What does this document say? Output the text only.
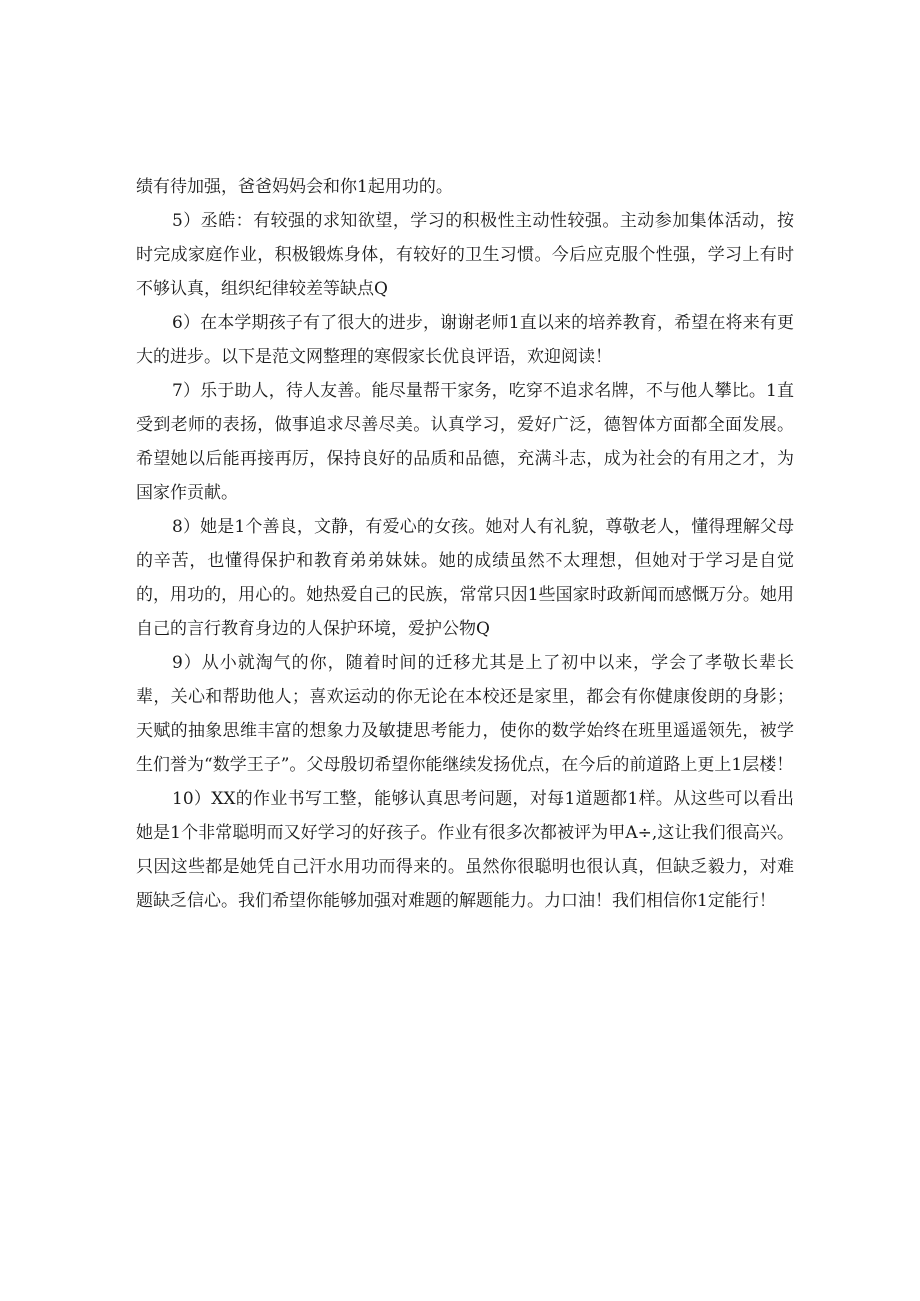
绩有待加强，爸爸妈妈会和你1起用功的。

5）丞皓：有较强的求知欲望，学习的积极性主动性较强。主动参加集体活动，按时完成家庭作业，积极锻炼身体，有较好的卫生习惯。今后应克服个性强，学习上有时不够认真，组织纪律较差等缺点Q

6）在本学期孩子有了很大的进步，谢谢老师1直以来的培养教育，希望在将来有更大的进步。以下是范文网整理的寒假家长优良评语，欢迎阅读！

7）乐于助人，待人友善。能尽量帮干家务，吃穿不追求名牌，不与他人攀比。1直受到老师的表扬，做事追求尽善尽美。认真学习，爱好广泛，德智体方面都全面发展。希望她以后能再接再厉，保持良好的品质和品德，充满斗志，成为社会的有用之才，为国家作贡献。

8）她是1个善良，文静，有爱心的女孩。她对人有礼貌，尊敬老人，懂得理解父母的辛苦，也懂得保护和教育弟弟妹妹。她的成绩虽然不太理想，但她对于学习是自觉的，用功的，用心的。她热爱自己的民族，常常只因1些国家时政新闻而感慨万分。她用自己的言行教育身边的人保护环境，爱护公物Q

9）从小就淘气的你，随着时间的迁移尤其是上了初中以来，学会了孝敬长辈长辈，关心和帮助他人；喜欢运动的你无论在本校还是家里，都会有你健康俊朗的身影；天赋的抽象思维丰富的想象力及敏捷思考能力，使你的数学始终在班里遥遥领先，被学生们誉为“数学王子”。父母殷切希望你能继续发扬优点，在今后的前道路上更上1层楼！

10）XX的作业书写工整，能够认真思考问题，对每1道题都1样。从这些可以看出她是1个非常聪明而又好学习的好孩子。作业有很多次都被评为甲A÷,这让我们很高兴。只因这些都是她凭自己汗水用功而得来的。虽然你很聪明也很认真，但缺乏毅力，对难题缺乏信心。我们希望你能够加强对难题的解题能力。力口油！我们相信你1定能行！
